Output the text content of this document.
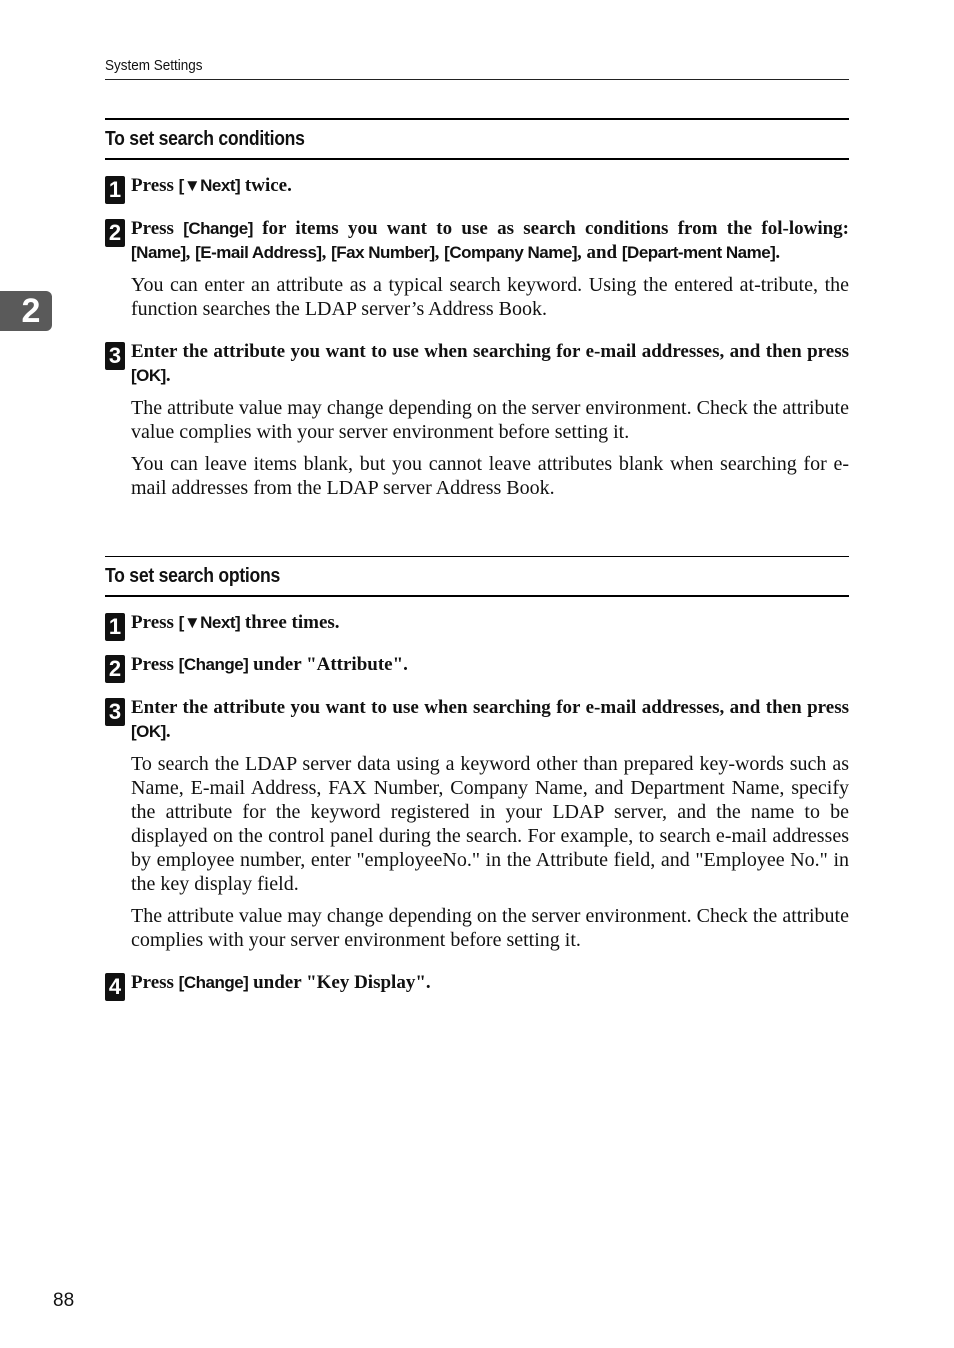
System Settings
2
To set search conditions
1 Press [▼Next] twice.
2 Press [Change] for items you want to use as search conditions from the fol-lowing: [Name], [E-mail Address], [Fax Number], [Company Name], and [Depart-ment Name].
You can enter an attribute as a typical search keyword. Using the entered at-tribute, the function searches the LDAP server’s Address Book.
3 Enter the attribute you want to use when searching for e-mail addresses, and then press [OK].
The attribute value may change depending on the server environment. Check the attribute value complies with your server environment before setting it.
You can leave items blank, but you cannot leave attributes blank when searching for e-mail addresses from the LDAP server Address Book.
To set search options
1 Press [▼Next] three times.
2 Press [Change] under "Attribute".
3 Enter the attribute you want to use when searching for e-mail addresses, and then press [OK].
To search the LDAP server data using a keyword other than prepared key-words such as Name, E-mail Address, FAX Number, Company Name, and Department Name, specify the attribute for the keyword registered in your LDAP server, and the name to be displayed on the control panel during the search. For example, to search e-mail addresses by employee number, enter "employeeNo." in the Attribute field, and "Employee No." in the key display field.
The attribute value may change depending on the server environment. Check the attribute complies with your server environment before setting it.
4 Press [Change] under "Key Display".
88
